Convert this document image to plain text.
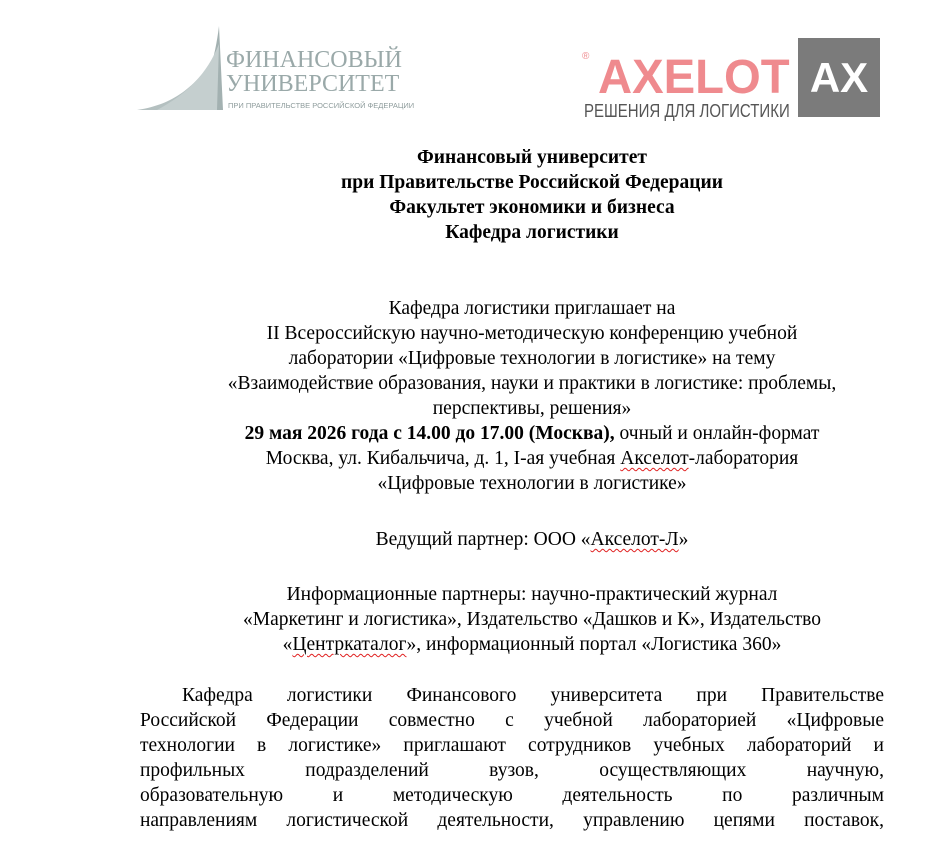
ФИНАНСОВЫЙ
УНИВЕРСИТЕТ
ПРИ ПРАВИТЕЛЬСТВЕ РОССИЙСКОЙ ФЕДЕРАЦИИ
® AXELOT
РЕШЕНИЯ ДЛЯ ЛОГИСТИКИ
AX
Финансовый университет
при Правительстве Российской Федерации
Факультет экономики и бизнеса
Кафедра логистики
Кафедра логистики приглашает на
II Всероссийскую научно-методическую конференцию учебной
лаборатории «Цифровые технологии в логистике» на тему
«Взаимодействие образования, науки и практики в логистике: проблемы,
перспективы, решения»
29 мая 2026 года с 14.00 до 17.00 (Москва), очный и онлайн-формат
Москва, ул. Кибальчича, д. 1, I-ая учебная Акселот-лаборатория
«Цифровые технологии в логистике»
Ведущий партнер: ООО «Акселот-Л»
Информационные партнеры: научно-практический журнал
«Маркетинг и логистика», Издательство «Дашков и К», Издательство
«Центркаталог», информационный портал «Логистика 360»
Кафедра логистики Финансового университета при Правительстве
Российской Федерации совместно с учебной лабораторией «Цифровые
технологии в логистике» приглашают сотрудников учебных лабораторий и
профильных подразделений вузов, осуществляющих научную,
образовательную и методическую деятельность по различным
направлениям логистической деятельности, управлению цепями поставок,
